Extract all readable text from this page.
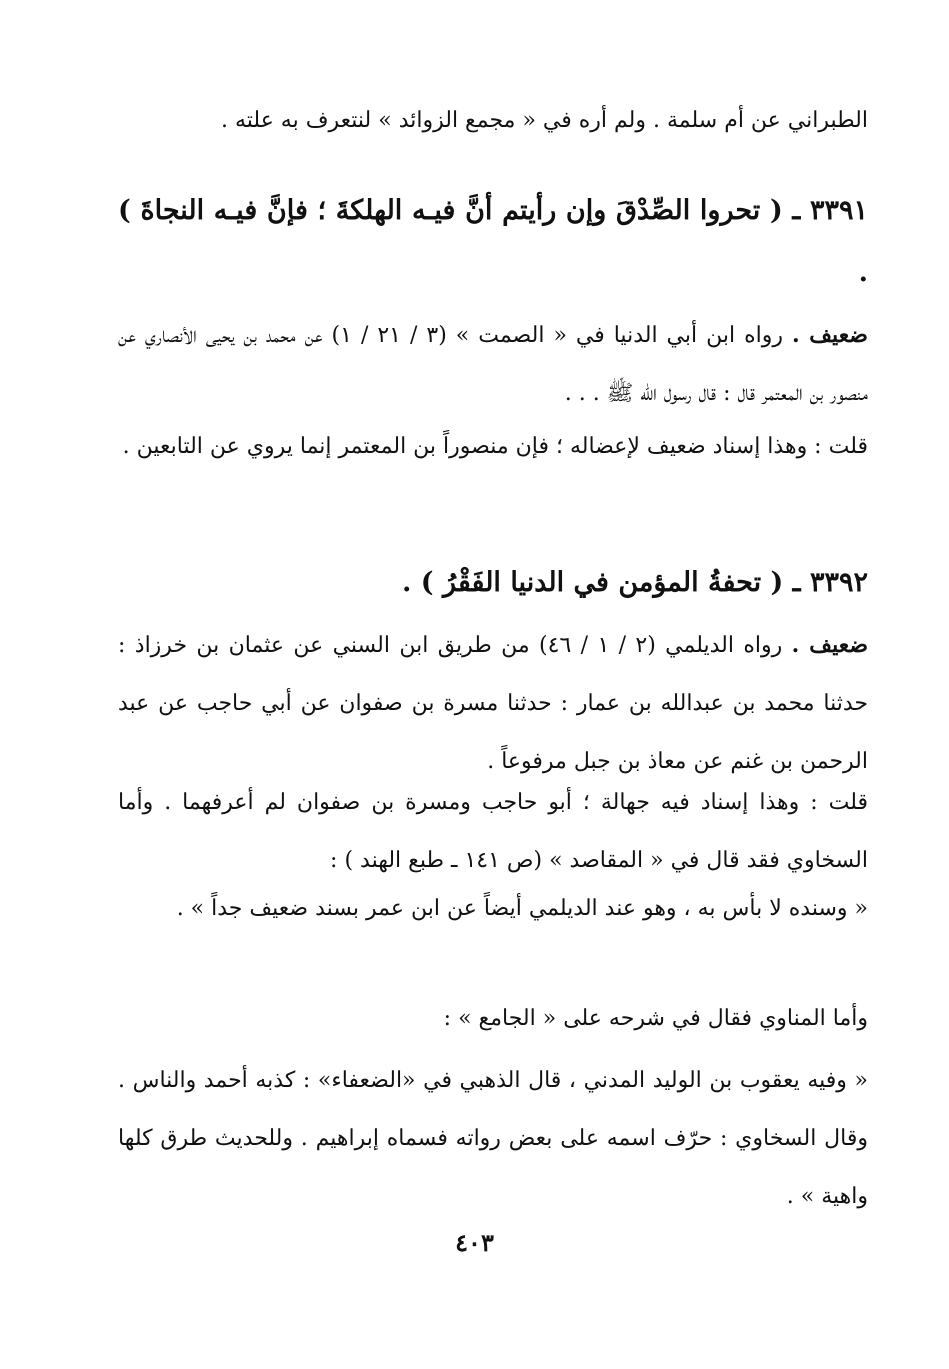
الطبراني عن أم سلمة . ولم أره في « مجمع الزوائد » لنتعرف به علته .
٣٣٩١ ـ ( تحروا الصِّدْقَ وإن رأيتم أنَّ فيـه الهلكةَ ؛ فإنَّ فيـه النجاةَ ) .
ضعيف . رواه ابن أبي الدنيا في « الصمت » (٣ / ٢١ / ١) عن محمد بن يحيى الأنصاري عن منصور بن المعتمر قال : قال رسول الله ﷺ . . .
قلت : وهذا إسناد ضعيف لإعضاله ؛ فإن منصوراً بن المعتمر إنما يروي عن التابعين .
٣٣٩٢ ـ ( تحفةُ المؤمن في الدنيا الفَقْرُ ) .
ضعيف . رواه الديلمي (٢ / ١ / ٤٦) من طريق ابن السني عن عثمان بن خرزاذ : حدثنا محمد بن عبدالله بن عمار : حدثنا مسرة بن صفوان عن أبي حاجب عن عبد الرحمن بن غنم عن معاذ بن جبل مرفوعاً .
قلت : وهذا إسناد فيه جهالة ؛ أبو حاجب ومسرة بن صفوان لم أعرفهما . وأما السخاوي فقد قال في « المقاصد » (ص ١٤١ ـ طبع الهند ) :
« وسنده لا بأس به ، وهو عند الديلمي أيضاً عن ابن عمر بسند ضعيف جداً » .
وأما المناوي فقال في شرحه على « الجامع » :
« وفيه يعقوب بن الوليد المدني ، قال الذهبي في «الضعفاء» : كذبه أحمد والناس . وقال السخاوي : حرّف اسمه على بعض رواته فسماه إبراهيم . وللحديث طرق كلها واهية » .
٤٠٣
